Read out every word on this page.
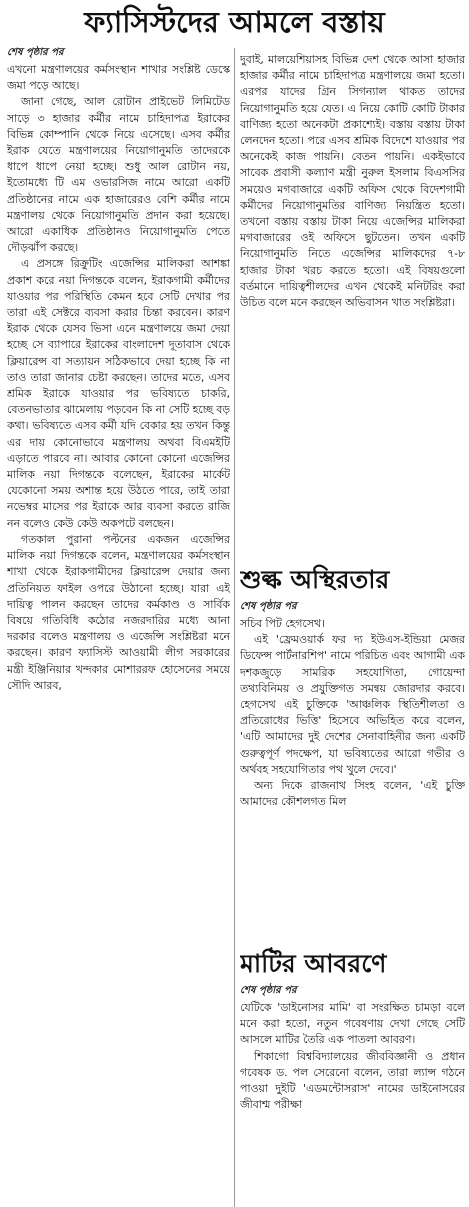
ফ্যাসিস্টদের আমলে বস্তায়
শেষ পৃষ্ঠার পর

এখনো মন্ত্রণালয়ের কর্মসংস্থান শাখার সংশ্লিষ্ট ডেস্কে জমা পড়ে আছে।

জানা গেছে, আল রোটান প্রাইভেট লিমিটেড সাড়ে ৩ হাজার কর্মীর নামে চাহিদাপত্র ইরাকের বিভিন্ন কোম্পানি থেকে নিয়ে এসেছে। এসব কর্মীর ইরাক যেতে মন্ত্রণালয়ের নিয়োগানুমতি তাদেরকে ধাপে ধাপে নেয়া হচ্ছে। শুধু আল রোটান নয়, ইতোমধ্যে টি এম ওভারসিজ নামে আরো একটি প্রতিষ্ঠানের নামে এক হাজারেরও বেশি কর্মীর নামে মন্ত্রণালয় থেকে নিয়োগানুমতি প্রদান করা হয়েছে। আরো একাধিক প্রতিষ্ঠানও নিয়োগানুমতি পেতে দৌড়ঝাঁপ করছে।

এ প্রসঙ্গে রিক্রুটিং এজেন্সির মালিকরা আশঙ্কা প্রকাশ করে নয়া দিগন্তকে বলেন, ইরাকগামী কর্মীদের যাওয়ার পর পরিস্থিতি কেমন হবে সেটি দেখার পর তারা এই সেক্টরে ব্যবসা করার চিন্তা করবেন। কারণ ইরাক থেকে যেসব ভিসা এনে মন্ত্রণালয়ে জমা দেয়া হচ্ছে সে ব্যাপারে ইরাকের বাংলাদেশ দূতাবাস থেকে ক্লিয়ারেন্স বা সত্যায়ন সঠিকভাবে দেয়া হচ্ছে কি না তাও তারা জানার চেষ্টা করছেন। তাদের মতে, এসব শ্রমিক ইরাকে যাওয়ার পর ভবিষ্যতে চাকরি, বেতনভাতার ঝামেলায় পড়বেন কি না সেটি হচ্ছে বড় কথা। ভবিষ্যতে এসব কর্মী যদি বেকার হয় তখন কিন্তু এর দায় কোনোভাবে মন্ত্রণালয় অথবা বিএমইটি এড়াতে পারবে না। আবার কোনো কোনো এজেন্সির মালিক নয়া দিগন্তকে বলেছেন, ইরাকের মার্কেট যেকোনো সময় অশান্ত হয়ে উঠতে পারে, তাই তারা নভেম্বর মাসের পর ইরাকে আর ব্যবসা করতে রাজি নন বলেও কেউ কেউ অকপটে বলছেন।

গতকাল পুরানা পল্টনের একজন এজেন্সির মালিক নয়া দিগন্তকে বলেন, মন্ত্রণালয়ের কর্মসংস্থান শাখা থেকে ইরাকগামীদের ক্লিয়ারেন্স দেয়ার জন্য প্রতিনিয়ত ফাইল ওপরে উঠানো হচ্ছে। যারা এই দায়িত্ব পালন করছেন তাদের কর্মকাণ্ড ও সার্বিক বিষয়ে গতিবিধি কঠোর নজরদারির মধ্যে আনা দরকার বলেও মন্ত্রণালয় ও এজেন্সি সংশ্লিষ্টরা মনে করছেন। কারণ ফ্যাসিস্ট আওয়ামী লীগ সরকারের মন্ত্রী ইঞ্জিনিয়ার খন্দকার মোশাররফ হোসেনের সময়ে সৌদি আরব,

দুবাই, মালয়েশিয়াসহ বিভিন্ন দেশ থেকে আসা হাজার হাজার কর্মীর নামে চাহিদাপত্র মন্ত্রণালয়ে জমা হতো। এরপর যাদের গ্রিন সিগন্যাল থাকত তাদের নিয়োগানুমতি হয়ে যেত। এ নিয়ে কোটি কোটি টাকার বাণিজ্য হতো অনেকটা প্রকাশ্যেই। বস্তায় বস্তায় টাকা লেনদেন হতো। পরে এসব শ্রমিক বিদেশে যাওয়ার পর অনেকেই কাজ পায়নি। বেতন পায়নি। একইভাবে সাবেক প্রবাসী কল্যাণ মন্ত্রী নুরুল ইসলাম বিএসসির সময়েও মগবাজারে একটি অফিস থেকে বিদেশগামী কর্মীদের নিয়োগানুমতির বাণিজ্য নিয়ন্ত্রিত হতো। তখনো বস্তায় বস্তায় টাকা নিয়ে এজেন্সির মালিকরা মগবাজারের ওই অফিসে ছুটতেন। তখন একটি নিয়োগানুমতি নিতে এজেন্সির মালিকদের ৭-৮ হাজার টাকা খরচ করতে হতো। এই বিষয়গুলো বর্তমানে দায়িত্বশীলদের এখন থেকেই মনিটরিং করা উচিত বলে মনে করছেন অভিবাসন খাত সংশ্লিষ্টরা।

শুল্ক অস্থিরতার
শেষ পৃষ্ঠার পর

সচিব পিট হেগসেথ।

এই 'ফ্রেমওয়ার্ক ফর দ্য ইউএস-ইন্ডিয়া মেজর ডিফেন্স পার্টনারশিপ' নামে পরিচিত এবং আগামী এক দশকজুড়ে সামরিক সহযোগিতা, গোয়েন্দা তথ্যবিনিময় ও প্রযুক্তিগত সমন্বয় জোরদার করবে। হেগসেথ এই চুক্তিকে 'আঞ্চলিক স্থিতিশীলতা ও প্রতিরোধের ভিত্তি' হিসেবে অভিহিত করে বলেন, 'এটি আমাদের দুই দেশের সেনাবাহিনীর জন্য একটি গুরুত্বপূর্ণ পদক্ষেপ, যা ভবিষ্যতের আরো গভীর ও অর্থবহ সহযোগিতার পথ খুলে দেবে।'

অন্য দিকে রাজনাথ সিংহ বলেন, 'এই চুক্তি আমাদের কৌশলগত মিল

মাটির আবরণে
শেষ পৃষ্ঠার পর

যেটিকে 'ডাইনোসর মামি' বা সংরক্ষিত চামড়া বলে মনে করা হতো, নতুন গবেষণায় দেখা গেছে সেটি আসলে মাটির তৈরি এক পাতলা আবরণ।

শিকাগো বিশ্ববিদ্যালয়ের জীববিজ্ঞানী ও প্রধান গবেষক ড. পল সেরেনো বলেন, তারা ল্যান্স গঠনে পাওয়া দুইটি 'এডমন্টোসরাস' নামের ডাইনোসরের জীবাশ্ম পরীক্ষা
